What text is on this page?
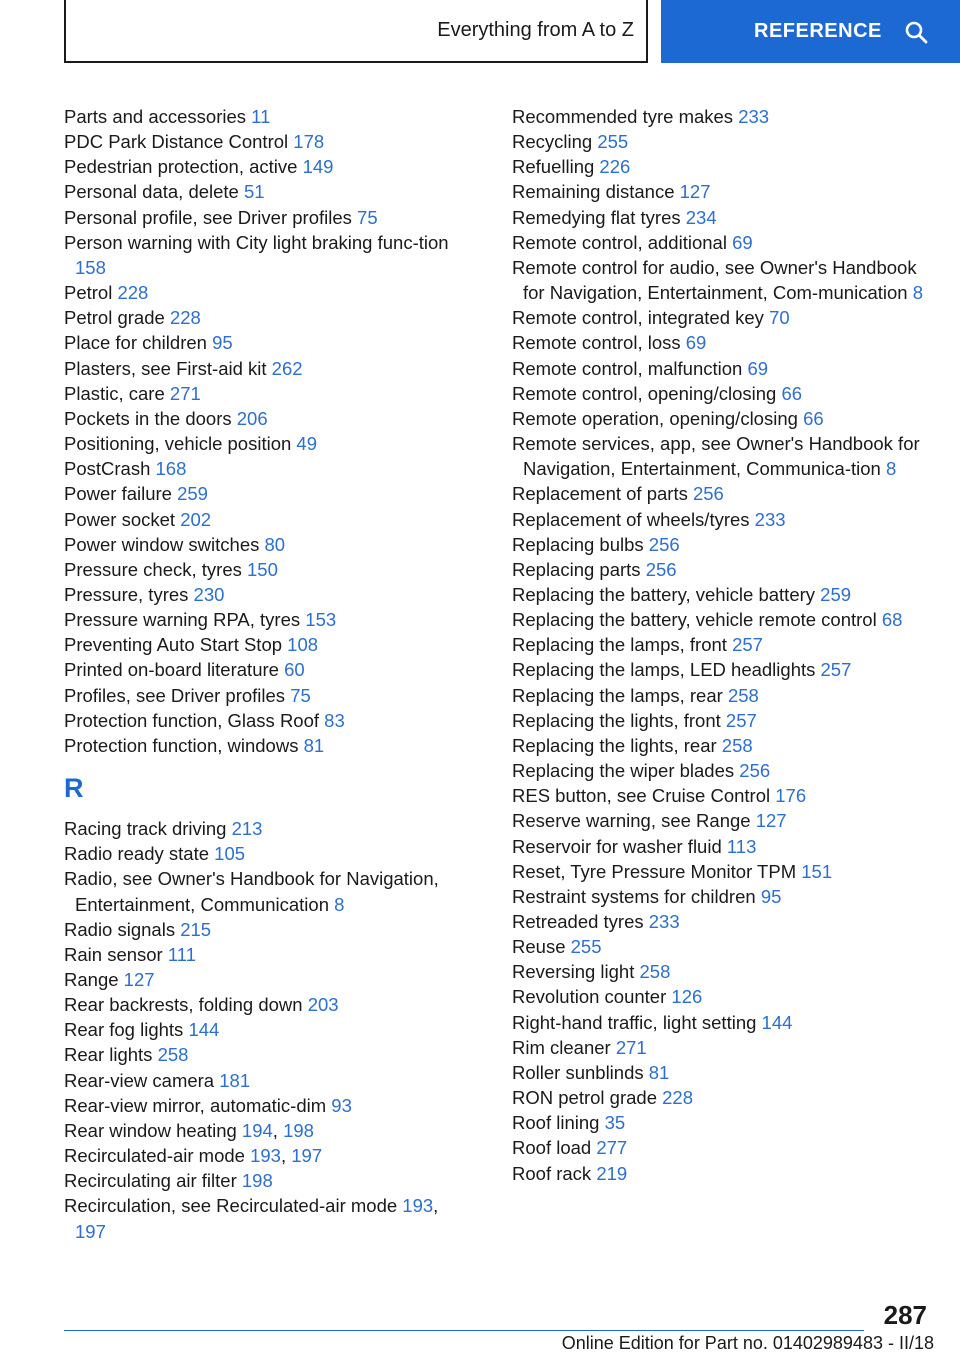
Everything from A to Z	REFERENCE
Parts and accessories 11
PDC Park Distance Control 178
Pedestrian protection, active 149
Personal data, delete 51
Personal profile, see Driver profiles 75
Person warning with City light braking func-tion 158
Petrol 228
Petrol grade 228
Place for children 95
Plasters, see First-aid kit 262
Plastic, care 271
Pockets in the doors 206
Positioning, vehicle position 49
PostCrash 168
Power failure 259
Power socket 202
Power window switches 80
Pressure check, tyres 150
Pressure, tyres 230
Pressure warning RPA, tyres 153
Preventing Auto Start Stop 108
Printed on-board literature 60
Profiles, see Driver profiles 75
Protection function, Glass Roof 83
Protection function, windows 81
R
Racing track driving 213
Radio ready state 105
Radio, see Owner's Handbook for Navigation, Entertainment, Communication 8
Radio signals 215
Rain sensor 111
Range 127
Rear backrests, folding down 203
Rear fog lights 144
Rear lights 258
Rear-view camera 181
Rear-view mirror, automatic-dim 93
Rear window heating 194, 198
Recirculated-air mode 193, 197
Recirculating air filter 198
Recirculation, see Recirculated-air mode 193, 197
Recommended tyre makes 233
Recycling 255
Refuelling 226
Remaining distance 127
Remedying flat tyres 234
Remote control, additional 69
Remote control for audio, see Owner's Handbook for Navigation, Entertainment, Com-munication 8
Remote control, integrated key 70
Remote control, loss 69
Remote control, malfunction 69
Remote control, opening/closing 66
Remote operation, opening/closing 66
Remote services, app, see Owner's Handbook for Navigation, Entertainment, Communica-tion 8
Replacement of parts 256
Replacement of wheels/tyres 233
Replacing bulbs 256
Replacing parts 256
Replacing the battery, vehicle battery 259
Replacing the battery, vehicle remote control 68
Replacing the lamps, front 257
Replacing the lamps, LED headlights 257
Replacing the lamps, rear 258
Replacing the lights, front 257
Replacing the lights, rear 258
Replacing the wiper blades 256
RES button, see Cruise Control 176
Reserve warning, see Range 127
Reservoir for washer fluid 113
Reset, Tyre Pressure Monitor TPM 151
Restraint systems for children 95
Retreaded tyres 233
Reuse 255
Reversing light 258
Revolution counter 126
Right-hand traffic, light setting 144
Rim cleaner 271
Roller sunblinds 81
RON petrol grade 228
Roof lining 35
Roof load 277
Roof rack 219
287
Online Edition for Part no. 01402989483 - II/18
